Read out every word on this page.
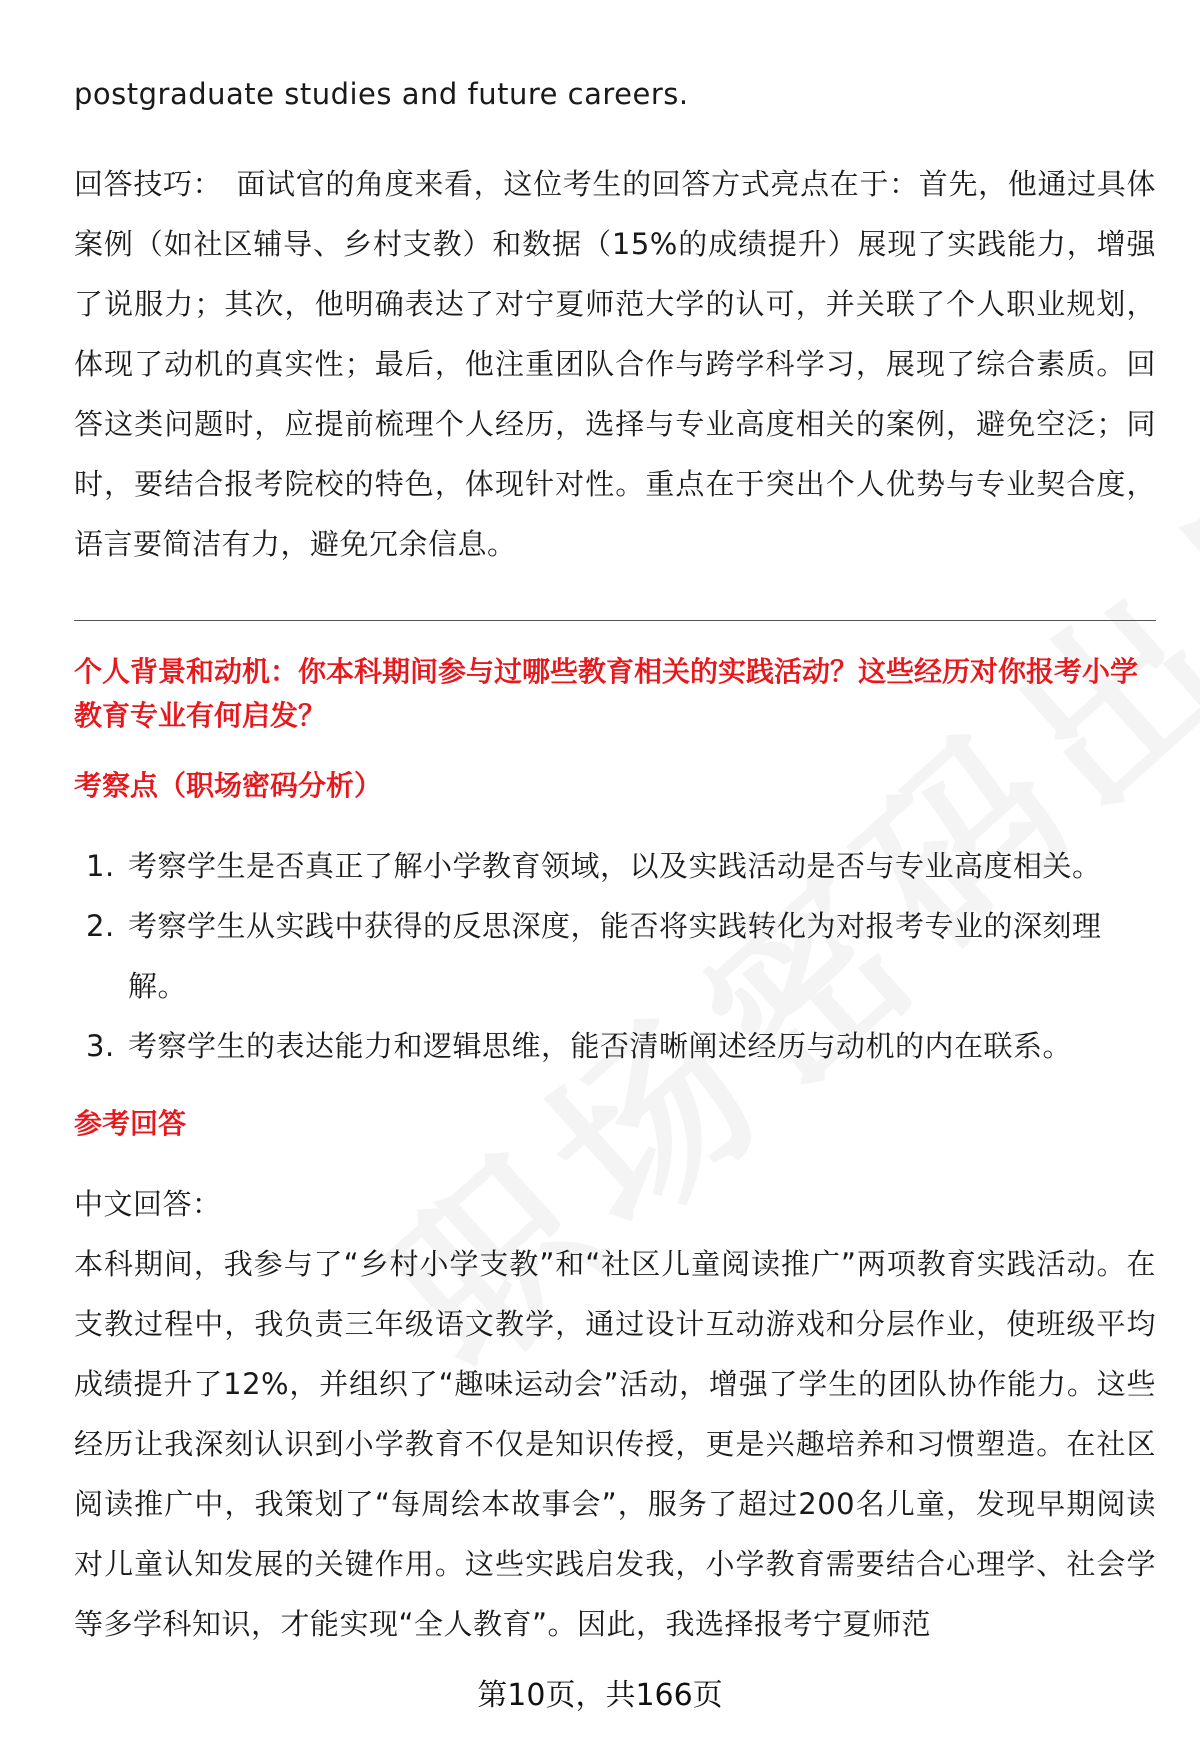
postgraduate studies and future careers.

回答技巧： 面试官的角度来看，这位考生的回答方式亮点在于：首先，他通过具体案例（如社区辅导、乡村支教）和数据（15%的成绩提升）展现了实践能力，增强了说服力；其次，他明确表达了对宁夏师范大学的认可，并关联了个人职业规划，体现了动机的真实性；最后，他注重团队合作与跨学科学习，展现了综合素质。回答这类问题时，应提前梳理个人经历，选择与专业高度相关的案例，避免空泛；同时，要结合报考院校的特色，体现针对性。重点在于突出个人优势与专业契合度，语言要简洁有力，避免冗余信息。

个人背景和动机：你本科期间参与过哪些教育相关的实践活动？这些经历对你报考小学教育专业有何启发？

考察点（职场密码分析）

1. 考察学生是否真正了解小学教育领域，以及实践活动是否与专业高度相关。
2. 考察学生从实践中获得的反思深度，能否将实践转化为对报考专业的深刻理解。
3. 考察学生的表达能力和逻辑思维，能否清晰阐述经历与动机的内在联系。

参考回答

中文回答：

本科期间，我参与了“乡村小学支教”和“社区儿童阅读推广”两项教育实践活动。在支教过程中，我负责三年级语文教学，通过设计互动游戏和分层作业，使班级平均成绩提升了12%，并组织了“趣味运动会”活动，增强了学生的团队协作能力。这些经历让我深刻认识到小学教育不仅是知识传授，更是兴趣培养和习惯塑造。在社区阅读推广中，我策划了“每周绘本故事会”，服务了超过200名儿童，发现早期阅读对儿童认知发展的关键作用。这些实践启发我，小学教育需要结合心理学、社会学等多学科知识，才能实现“全人教育”。因此，我选择报考宁夏师范

第10页，共166页
